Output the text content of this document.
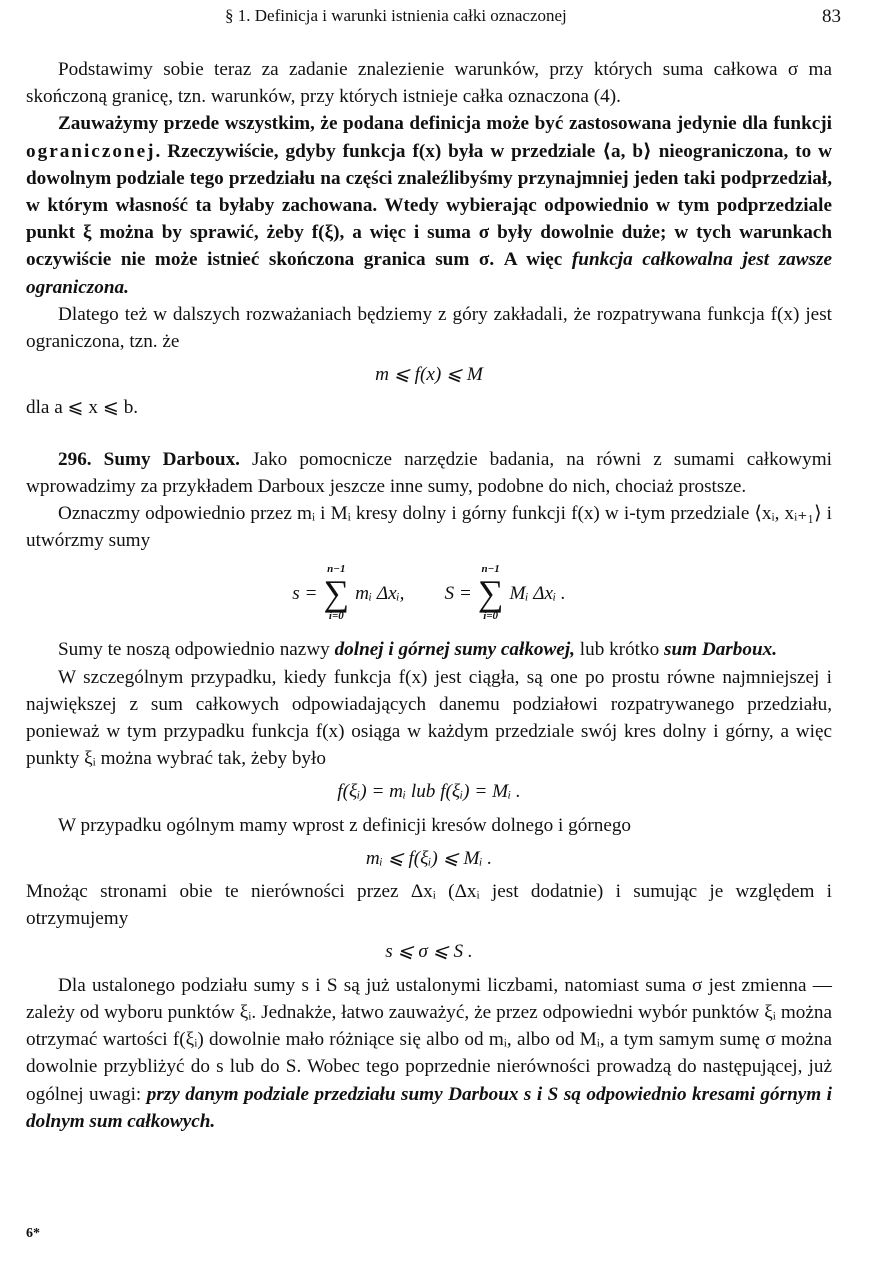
§ 1. Definicja i warunki istnienia całki oznaczonej	83

Podstawimy sobie teraz za zadanie znalezienie warunków, przy których suma całkowa σ ma skończoną granicę, tzn. warunków, przy których istnieje całka oznaczona (4).

Zauważymy przede wszystkim, że podana definicja może być zastosowana jedynie dla funkcji ograniczonej. Rzeczywiście, gdyby funkcja f(x) była w przedziale ⟨a, b⟩ nieograniczona, to w dowolnym podziale tego przedziału na części znaleźlibyśmy przynajmniej jeden taki podprzedział, w którym własność ta byłaby zachowana. Wtedy wybierając odpowiednio w tym podprzedziale punkt ξ można by sprawić, żeby f(ξ), a więc i suma σ były dowolnie duże; w tych warunkach oczywiście nie może istnieć skończona granica sum σ. A więc funkcja całkowalna jest zawsze ograniczona.

Dlatego też w dalszych rozważaniach będziemy z góry zakładali, że rozpatrywana funkcja f(x) jest ograniczona, tzn. że

m ⩽ f(x) ⩽ M

dla a ⩽ x ⩽ b.

296. Sumy Darboux. Jako pomocnicze narzędzie badania, na równi z sumami całkowymi wprowadzimy za przykładem Darboux jeszcze inne sumy, podobne do nich, chociaż prostsze.

Oznaczmy odpowiednio przez mᵢ i Mᵢ kresy dolny i górny funkcji f(x) w i-tym przedziale ⟨xᵢ, xᵢ₊₁⟩ i utwórzmy sumy

s =
n−1
∑
i=0
mᵢ Δxᵢ, S =
n−1
∑
i=0
Mᵢ Δxᵢ .

Sumy te noszą odpowiednio nazwy dolnej i górnej sumy całkowej, lub krótko sum Darboux.

W szczególnym przypadku, kiedy funkcja f(x) jest ciągła, są one po prostu równe najmniejszej i największej z sum całkowych odpowiadających danemu podziałowi rozpatrywanego przedziału, ponieważ w tym przypadku funkcja f(x) osiąga w każdym przedziale swój kres dolny i górny, a więc punkty ξᵢ można wybrać tak, żeby było

f(ξᵢ) = mᵢ lub f(ξᵢ) = Mᵢ .

W przypadku ogólnym mamy wprost z definicji kresów dolnego i górnego

mᵢ ⩽ f(ξᵢ) ⩽ Mᵢ .

Mnożąc stronami obie te nierówności przez Δxᵢ (Δxᵢ jest dodatnie) i sumując je względem i otrzymujemy

s ⩽ σ ⩽ S .

Dla ustalonego podziału sumy s i S są już ustalonymi liczbami, natomiast suma σ jest zmienna — zależy od wyboru punktów ξᵢ. Jednakże, łatwo zauważyć, że przez odpowiedni wybór punktów ξᵢ można otrzymać wartości f(ξᵢ) dowolnie mało różniące się albo od mᵢ, albo od Mᵢ, a tym samym sumę σ można dowolnie przybliżyć do s lub do S. Wobec tego poprzednie nierówności prowadzą do następującej, już ogólnej uwagi: przy danym podziale przedziału sumy Darboux s i S są odpowiednio kresami górnym i dolnym sum całkowych.

6*
